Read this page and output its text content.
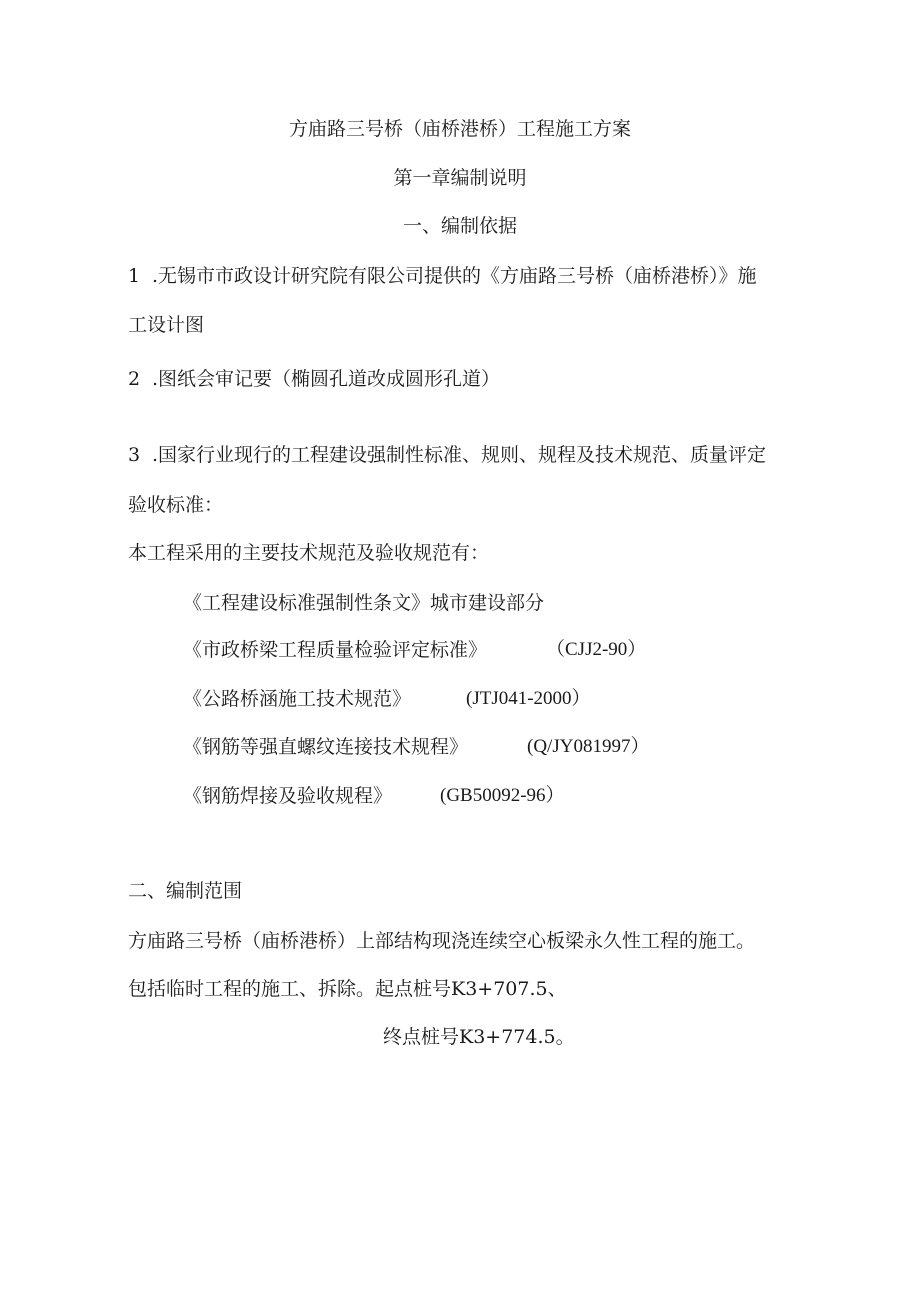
方庙路三号桥（庙桥港桥）工程施工方案

第一章编制说明

一、编制依据

1 .无锡市市政设计研究院有限公司提供的《方庙路三号桥（庙桥港桥）》施

工设计图

2 .图纸会审记要（椭圆孔道改成圆形孔道）

3 .国家行业现行的工程建设强制性标准、规则、规程及技术规范、质量评定

验收标准：

本工程采用的主要技术规范及验收规范有：

《工程建设标准强制性条文》城市建设部分

《市政桥梁工程质量检验评定标准》	（CJJ2-90）

《公路桥涵施工技术规范》	(JTJ041-2000）

《钢筋等强直螺纹连接技术规程》	(Q/JY081997）

《钢筋焊接及验收规程》	(GB50092-96）

二、编制范围

方庙路三号桥（庙桥港桥）上部结构现浇连续空心板梁永久性工程的施工。

包括临时工程的施工、拆除。起点桩号K3+707.5、

终点桩号K3+774.5。
